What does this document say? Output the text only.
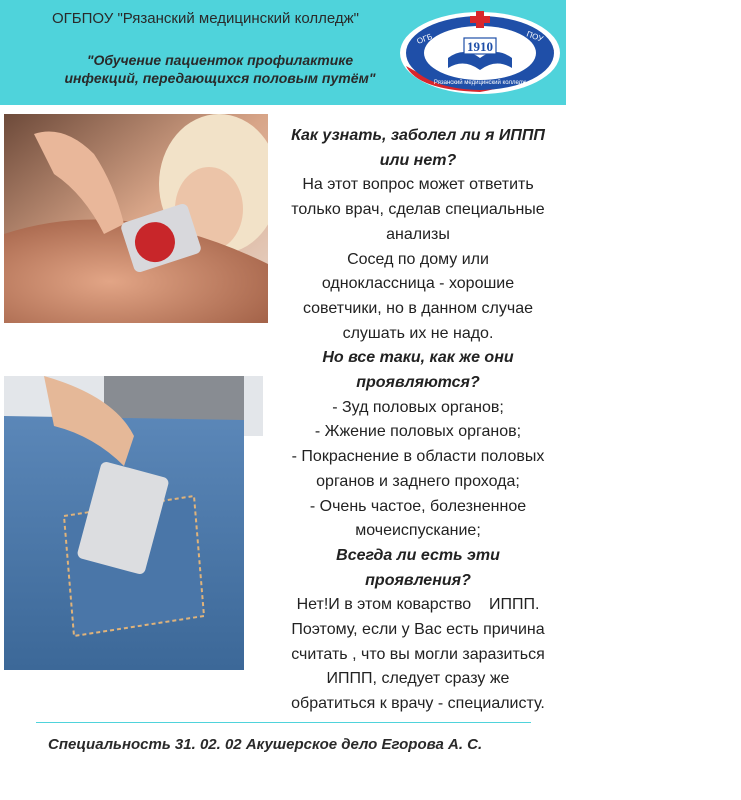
ОГБПОУ "Рязанский медицинский колледж"
"Обучение пациенток профилактике
инфекций, передающихся половым путём"
1910
ОГБ	ПОУ
Рязанский медицинский колледж
Как узнать, заболел ли я ИППП
или нет?
На этот вопрос может ответить
только врач, сделав специальные
анализы
Сосед по дому или
одноклассница - хорошие
советчики, но в данном случае
слушать их не надо.
Но все таки, как же они
проявляются?
- Зуд половых органов;
- Жжение половых органов;
- Покраснение в области половых
органов и заднего прохода;
- Очень частое, болезненное
мочеиспускание;
Всегда ли есть эти
проявления?
Нет!И в этом коварство    ИППП.
Поэтому, если у Вас есть причина
считать , что вы могли заразиться
ИППП, следует сразу же
обратиться к врачу - специалисту.
Специальность 31. 02. 02 Акушерское дело Егорова А. С.
